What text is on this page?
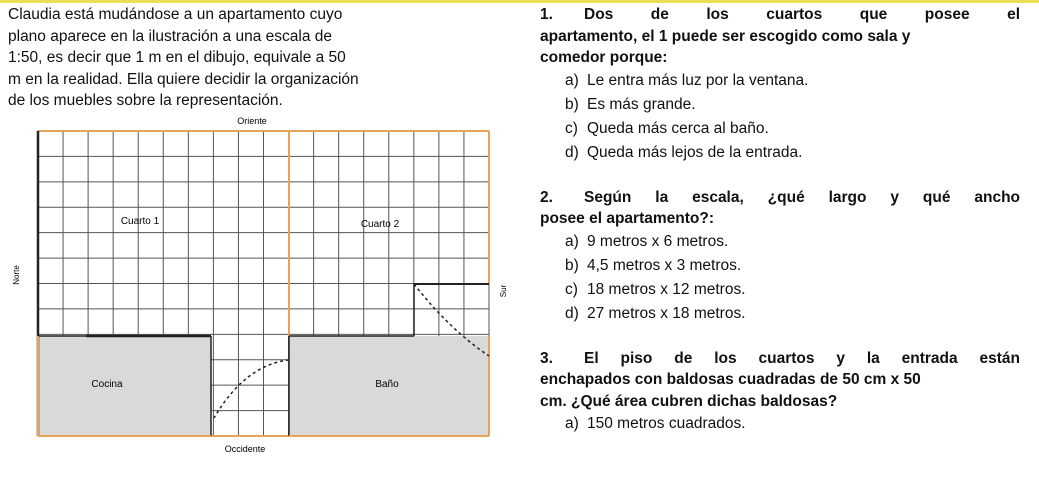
Claudia está mudándose a un apartamento cuyo
plano aparece en la ilustración a una escala de
1:50, es decir que 1 m en el dibujo, equivale a 50
m en la realidad. Ella quiere decidir la organización
de los muebles sobre la representación.
Oriente
Occidente
Cuarto 1	Cuarto 2
Cocina	Baño
Norte
Sur
1.	Dos de los cuartos que posee el
apartamento, el 1 puede ser escogido como sala y
comedor porque:
a) Le entra más luz por la ventana.
b) Es más grande.
c) Queda más cerca al baño.
d) Queda más lejos de la entrada.
2.	Según la escala, ¿qué largo y qué ancho
posee el apartamento?:
a) 9 metros x 6 metros.
b) 4,5 metros x 3 metros.
c) 18 metros x 12 metros.
d) 27 metros x 18 metros.
3.	El piso de los cuartos y la entrada están
enchapados con baldosas cuadradas de 50 cm x 50
cm. ¿Qué área cubren dichas baldosas?
a) 150 metros cuadrados.
